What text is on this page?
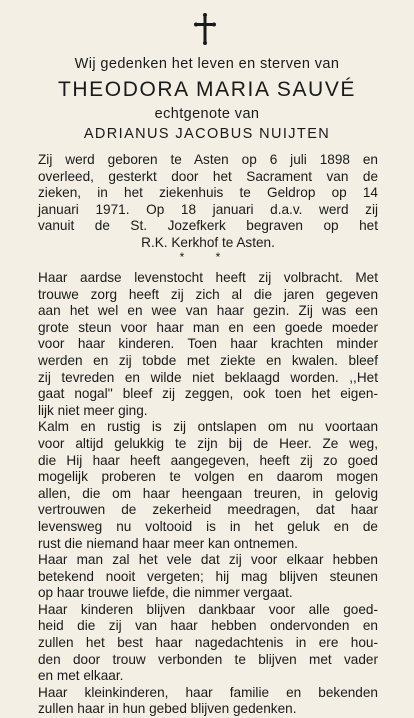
Wij gedenken het leven en sterven van
THEODORA MARIA SAUVÉ
echtgenote van
ADRIANUS JACOBUS NUIJTEN
Zij werd geboren te Asten op 6 juli 1898 en
overleed, gesterkt door het Sacrament van de
zieken, in het ziekenhuis te Geldrop op 14
januari 1971. Op 18 januari d.a.v. werd zij
vanuit de St. Jozefkerk begraven op het
R.K. Kerkhof te Asten.
* *
Haar aardse levenstocht heeft zij volbracht. Met
trouwe zorg heeft zij zich al die jaren gegeven
aan het wel en wee van haar gezin. Zij was een
grote steun voor haar man en een goede moeder
voor haar kinderen. Toen haar krachten minder
werden en zij tobde met ziekte en kwalen. bleef
zij tevreden en wilde niet beklaagd worden. ,,Het
gaat nogal'' bleef zij zeggen, ook toen het eigen-
lijk niet meer ging.
Kalm en rustig is zij ontslapen om nu voortaan
voor altijd gelukkig te zijn bij de Heer. Ze weg,
die Hij haar heeft aangegeven, heeft zij zo goed
mogelijk proberen te volgen en daarom mogen
allen, die om haar heengaan treuren, in gelovig
vertrouwen de zekerheid meedragen, dat haar
levensweg nu voltooid is in het geluk en de
rust die niemand haar meer kan ontnemen.
Haar man zal het vele dat zij voor elkaar hebben
betekend nooit vergeten; hij mag blijven steunen
op haar trouwe liefde, die nimmer vergaat.
Haar kinderen blijven dankbaar voor alle goed-
heid die zij van haar hebben ondervonden en
zullen het best haar nagedachtenis in ere hou-
den door trouw verbonden te blijven met vader
en met elkaar.
Haar kleinkinderen, haar familie en bekenden
zullen haar in hun gebed blijven gedenken.
